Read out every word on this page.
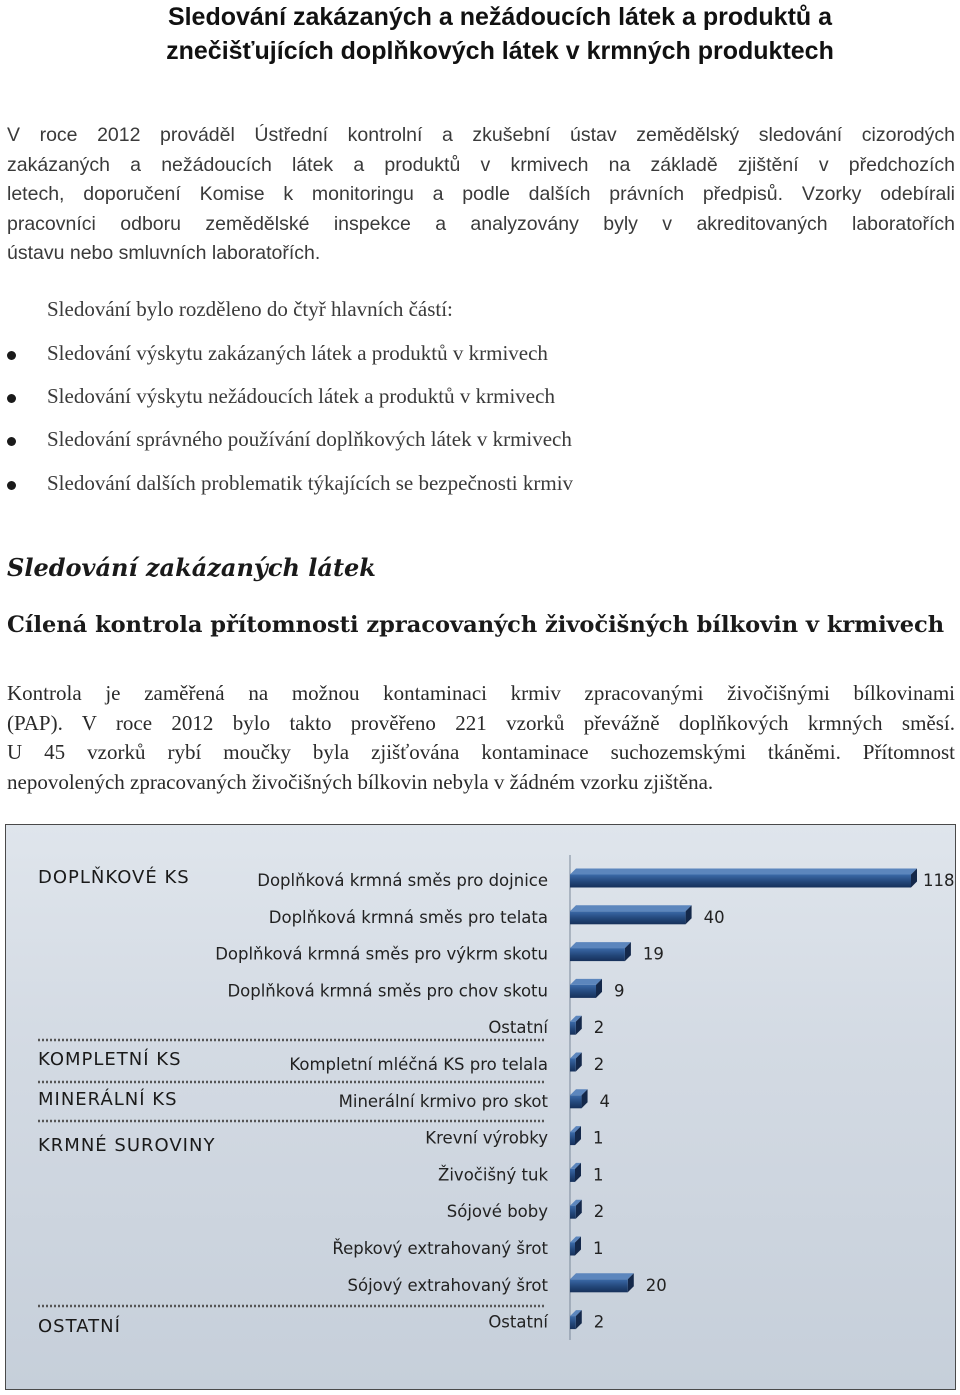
Sledování zakázaných a nežádoucích látek a produktů a
znečišťujících doplňkových látek v krmných produktech
V roce 2012 prováděl Ústřední kontrolní a zkušební ústav zemědělský sledování cizorodých
zakázaných a nežádoucích látek a produktů v krmivech na základě zjištění v předchozích
letech, doporučení Komise k monitoringu a podle dalších právních předpisů. Vzorky odebírali
pracovníci odboru zemědělské inspekce a analyzovány byly v akreditovaných laboratořích
ústavu nebo smluvních laboratořích.
Sledování bylo rozděleno do čtyř hlavních částí:
Sledování výskytu zakázaných látek a produktů v krmivech
Sledování výskytu nežádoucích látek a produktů v krmivech
Sledování správného používání doplňkových látek v krmivech
Sledování dalších problematik týkajících se bezpečnosti krmiv
Sledování zakázaných látek
Cílená kontrola přítomnosti zpracovaných živočišných bílkovin v krmivech
Kontrola je zaměřená na možnou kontaminaci krmiv zpracovanými živočišnými bílkovinami
(PAP). V roce 2012 bylo takto prověřeno 221 vzorků převážně doplňkových krmných směsí.
U 45 vzorků rybí moučky byla zjišťována kontaminace suchozemskými tkáněmi. Přítomnost
nepovolených zpracovaných živočišných bílkovin nebyla v žádném vzorku zjištěna.
Doplňková krmná směs pro dojnice	118
Doplňková krmná směs pro telata	40
Doplňková krmná směs pro výkrm skotu	19
Doplňková krmná směs pro chov skotu	9
Ostatní	2
Kompletní mléčná KS pro telala	2
Minerální krmivo pro skot	4
Krevní výrobky	1
Živočišný tuk	1
Sójové boby	2
Řepkový extrahovaný šrot	1
Sójový extrahovaný šrot	20
Ostatní	2
DOPLŇKOVÉ KS
KOMPLETNÍ KS
MINERÁLNÍ KS
KRMNÉ SUROVINY
OSTATNÍ
